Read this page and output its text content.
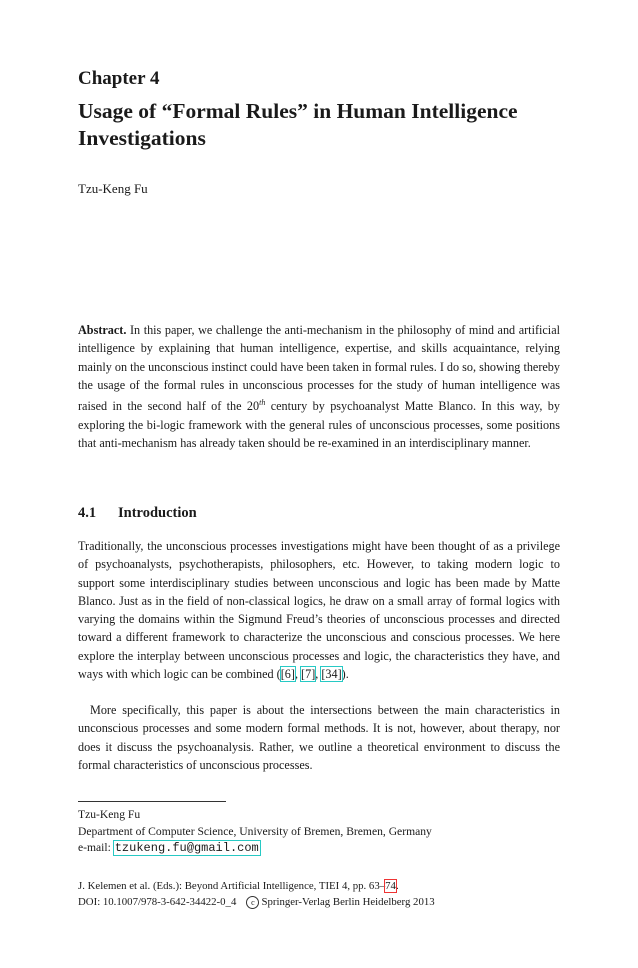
Chapter 4
Usage of “Formal Rules” in Human Intelligence Investigations
Tzu-Keng Fu
Abstract. In this paper, we challenge the anti-mechanism in the philosophy of mind and artificial intelligence by explaining that human intelligence, expertise, and skills acquaintance, relying mainly on the unconscious instinct could have been taken in formal rules. I do so, showing thereby the usage of the formal rules in unconscious processes for the study of human intelligence was raised in the second half of the 20th century by psychoanalyst Matte Blanco. In this way, by exploring the bi-logic framework with the general rules of unconscious processes, some positions that anti-mechanism has already taken should be re-examined in an interdisciplinary manner.
4.1 Introduction
Traditionally, the unconscious processes investigations might have been thought of as a privilege of psychoanalysts, psychotherapists, philosophers, etc. However, to taking modern logic to support some interdisciplinary studies between unconscious and logic has been made by Matte Blanco. Just as in the field of non-classical logics, he draw on a small array of formal logics with varying the domains within the Sigmund Freud’s theories of unconscious processes and directed toward a different framework to characterize the unconscious and conscious processes. We here explore the interplay between unconscious processes and logic, the characteristics they have, and ways with which logic can be combined ([6], [7], [34]).
More specifically, this paper is about the intersections between the main characteristics in unconscious processes and some modern formal methods. It is not, however, about therapy, nor does it discuss the psychoanalysis. Rather, we outline a theoretical environment to discuss the formal characteristics of unconscious processes.
Tzu-Keng Fu
Department of Computer Science, University of Bremen, Bremen, Germany
e-mail: tzukeng.fu@gmail.com
J. Kelemen et al. (Eds.): Beyond Artificial Intelligence, TIEI 4, pp. 63–74.
DOI: 10.1007/978-3-642-34422-0_4 c Springer-Verlag Berlin Heidelberg 2013
